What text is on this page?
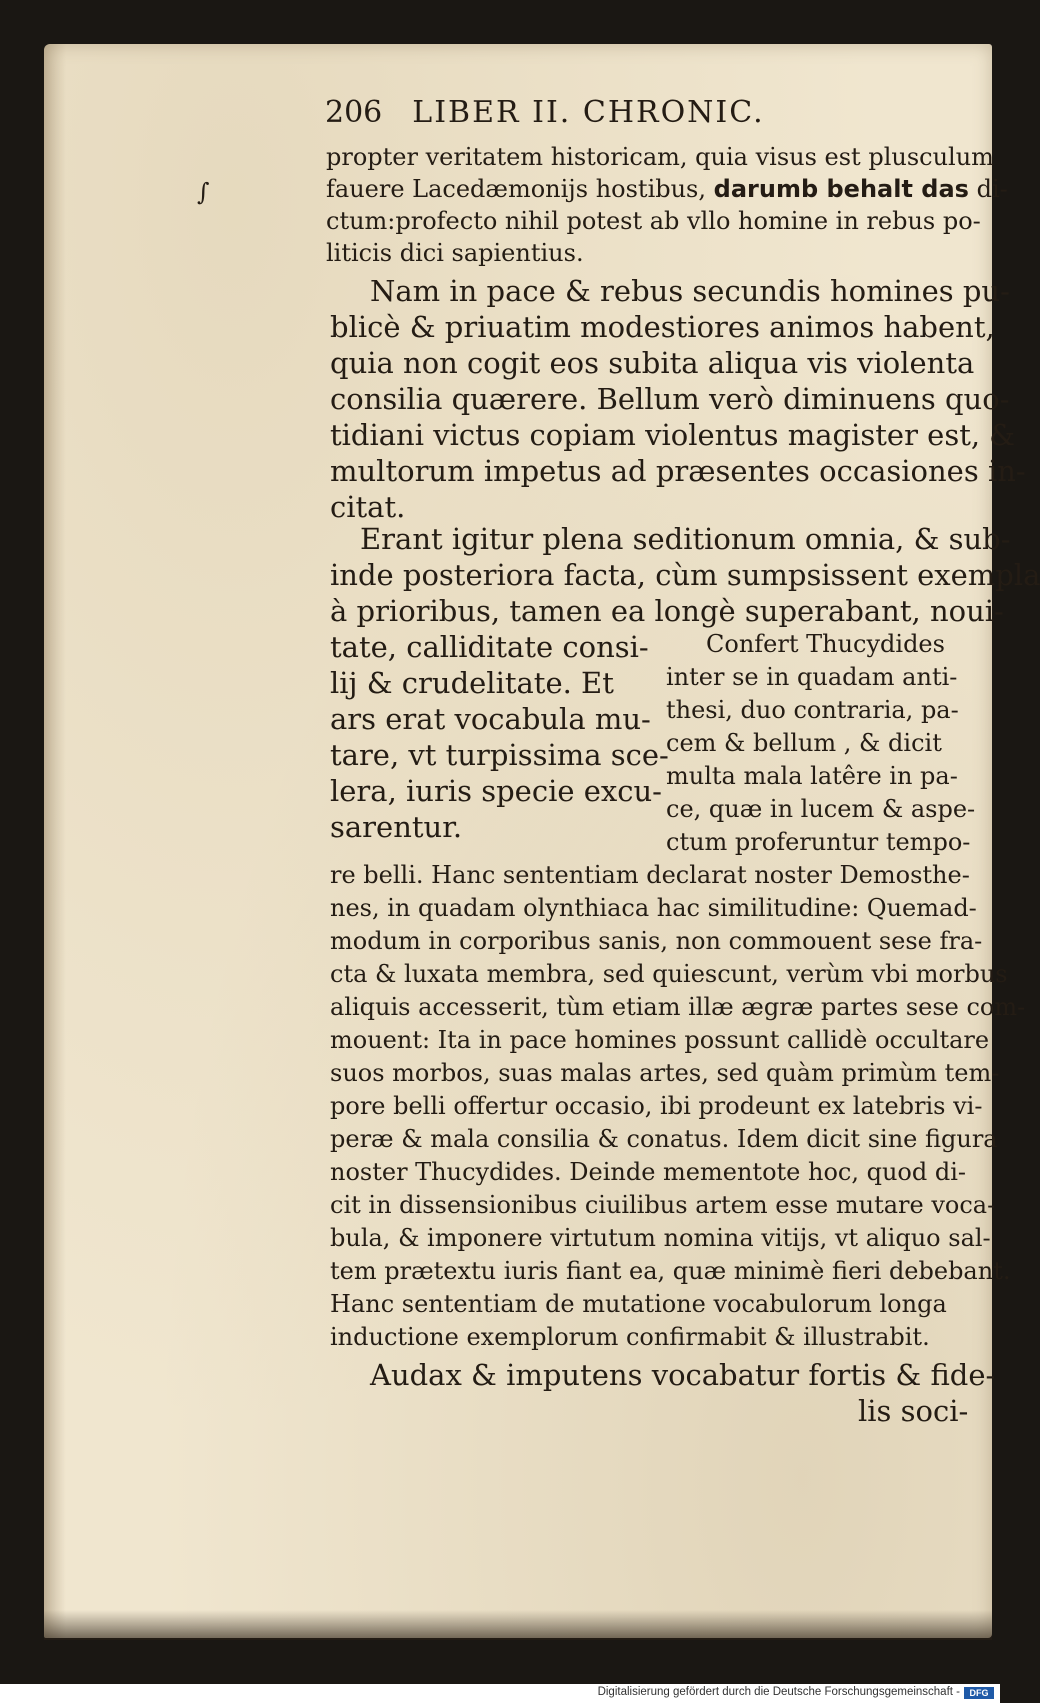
206 LIBER II. CHRONIC.
∫
propter veritatem historicam, quia visus est plusculum
fauere Lacedæmonijs hostibus, darumb behalt das di-
ctum:profecto nihil potest ab vllo homine in rebus po-
liticis dici sapientius.
Nam in pace & rebus secundis homines pu-
blicè & priuatim modestiores animos habent,
quia non cogit eos subita aliqua vis violenta
consilia quærere. Bellum verò diminuens quo-
tidiani victus copiam violentus magister est, &
multorum impetus ad præsentes occasiones in-
citat.
Erant igitur plena seditionum omnia, & sub-
inde posteriora facta, cùm sumpsissent exempla
à prioribus, tamen ea longè superabant, noui-
tate, calliditate consi-
lij & crudelitate. Et
ars erat vocabula mu-
tare, vt turpissima sce-
lera, iuris specie excu-
sarentur.
Confert Thucydides
inter se in quadam anti-
thesi, duo contraria, pa-
cem & bellum , & dicit
multa mala latêre in pa-
ce, quæ in lucem & aspe-
ctum proferuntur tempo-
re belli. Hanc sententiam declarat noster Demosthe-
nes, in quadam olynthiaca hac similitudine: Quemad-
modum in corporibus sanis, non commouent sese fra-
cta & luxata membra, sed quiescunt, verùm vbi morbus
aliquis accesserit, tùm etiam illæ ægræ partes sese com-
mouent: Ita in pace homines possunt callidè occultare
suos morbos, suas malas artes, sed quàm primùm tem-
pore belli offertur occasio, ibi prodeunt ex latebris vi-
peræ & mala consilia & conatus. Idem dicit sine figura
noster Thucydides. Deinde mementote hoc, quod di-
cit in dissensionibus ciuilibus artem esse mutare voca-
bula, & imponere virtutum nomina vitijs, vt aliquo sal-
tem prætextu iuris fiant ea, quæ minimè fieri debebant.
Hanc sententiam de mutatione vocabulorum longa
inductione exemplorum confirmabit & illustrabit.
Audax & imputens vocabatur fortis & fide-
lis soci-
Digitalisierung gefördert durch die Deutsche Forschungsgemeinschaft -	DFG
